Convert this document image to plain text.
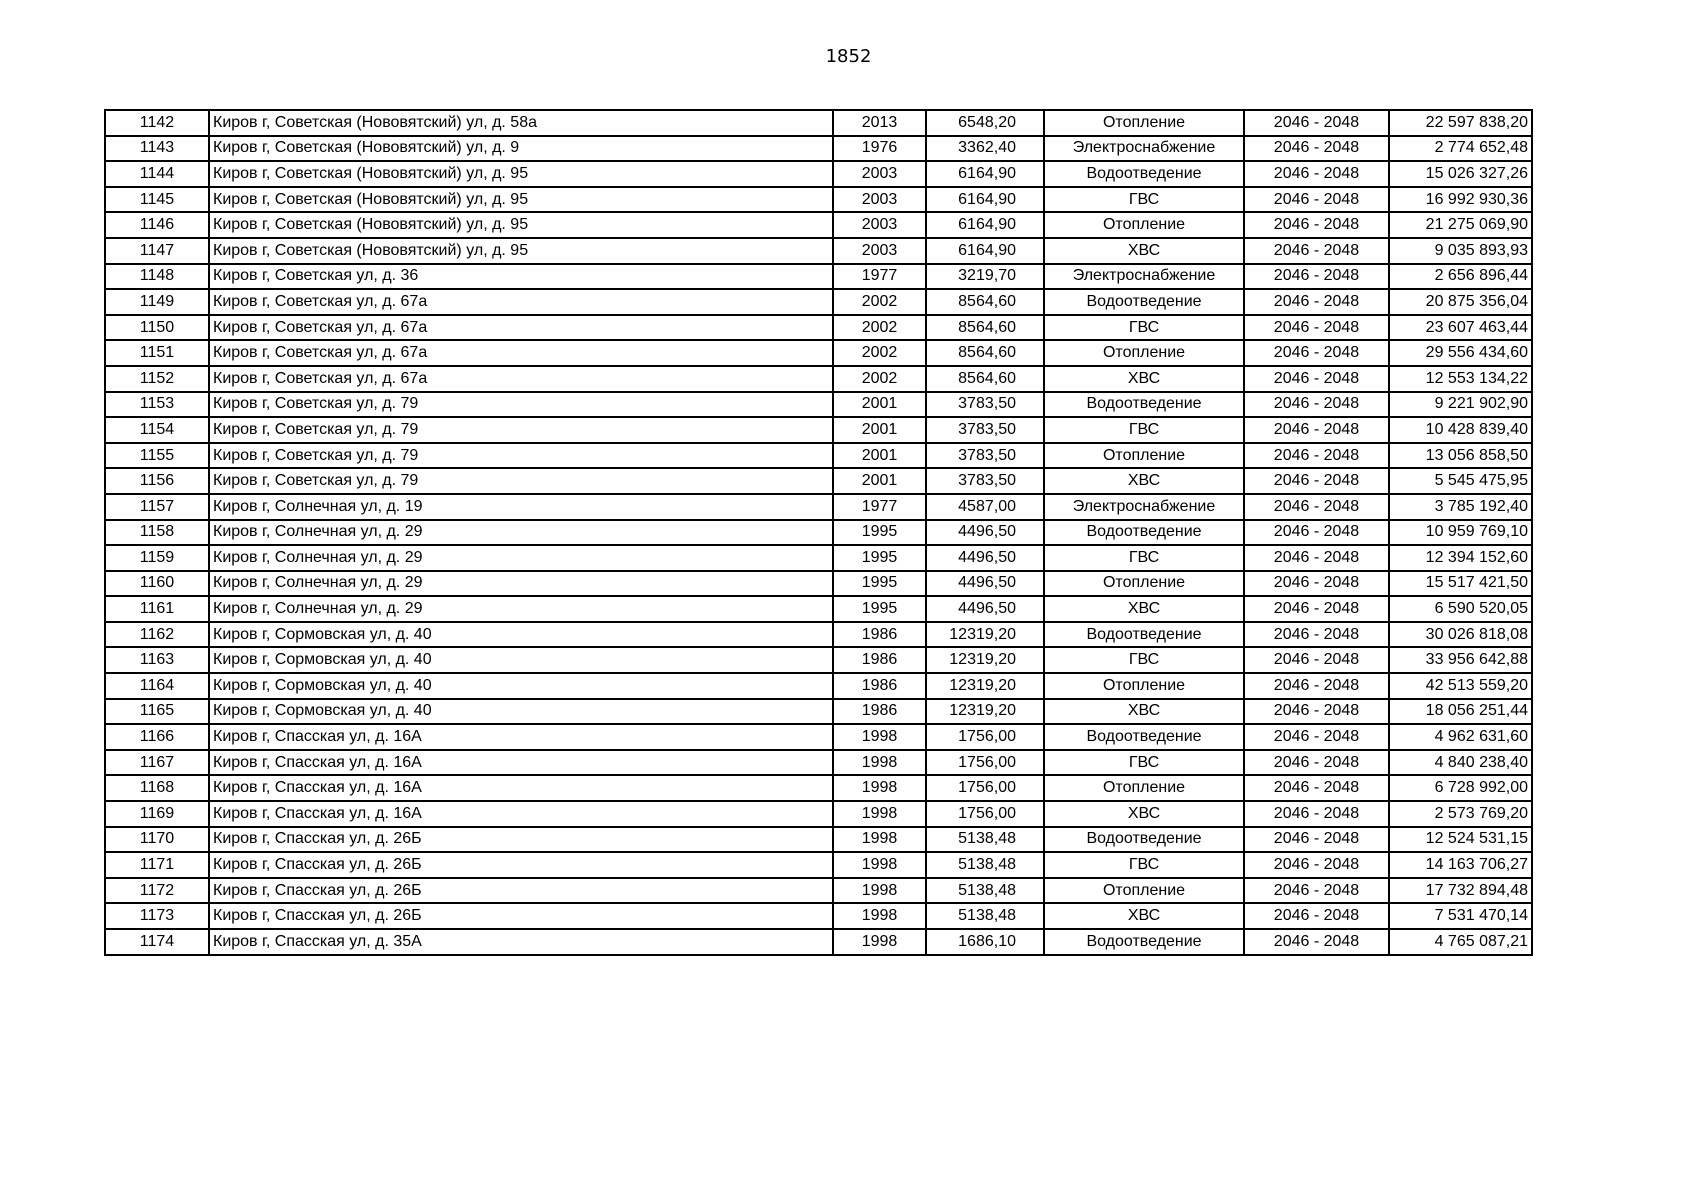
1852
1142	Киров г, Советская (Нововятский) ул, д. 58а	2013	6548,20	Отопление	2046 - 2048	22 597 838,20
1143	Киров г, Советская (Нововятский) ул, д. 9	1976	3362,40	Электроснабжение	2046 - 2048	2 774 652,48
1144	Киров г, Советская (Нововятский) ул, д. 95	2003	6164,90	Водоотведение	2046 - 2048	15 026 327,26
1145	Киров г, Советская (Нововятский) ул, д. 95	2003	6164,90	ГВС	2046 - 2048	16 992 930,36
1146	Киров г, Советская (Нововятский) ул, д. 95	2003	6164,90	Отопление	2046 - 2048	21 275 069,90
1147	Киров г, Советская (Нововятский) ул, д. 95	2003	6164,90	ХВС	2046 - 2048	9 035 893,93
1148	Киров г, Советская ул, д. 36	1977	3219,70	Электроснабжение	2046 - 2048	2 656 896,44
1149	Киров г, Советская ул, д. 67а	2002	8564,60	Водоотведение	2046 - 2048	20 875 356,04
1150	Киров г, Советская ул, д. 67а	2002	8564,60	ГВС	2046 - 2048	23 607 463,44
1151	Киров г, Советская ул, д. 67а	2002	8564,60	Отопление	2046 - 2048	29 556 434,60
1152	Киров г, Советская ул, д. 67а	2002	8564,60	ХВС	2046 - 2048	12 553 134,22
1153	Киров г, Советская ул, д. 79	2001	3783,50	Водоотведение	2046 - 2048	9 221 902,90
1154	Киров г, Советская ул, д. 79	2001	3783,50	ГВС	2046 - 2048	10 428 839,40
1155	Киров г, Советская ул, д. 79	2001	3783,50	Отопление	2046 - 2048	13 056 858,50
1156	Киров г, Советская ул, д. 79	2001	3783,50	ХВС	2046 - 2048	5 545 475,95
1157	Киров г, Солнечная ул, д. 19	1977	4587,00	Электроснабжение	2046 - 2048	3 785 192,40
1158	Киров г, Солнечная ул, д. 29	1995	4496,50	Водоотведение	2046 - 2048	10 959 769,10
1159	Киров г, Солнечная ул, д. 29	1995	4496,50	ГВС	2046 - 2048	12 394 152,60
1160	Киров г, Солнечная ул, д. 29	1995	4496,50	Отопление	2046 - 2048	15 517 421,50
1161	Киров г, Солнечная ул, д. 29	1995	4496,50	ХВС	2046 - 2048	6 590 520,05
1162	Киров г, Сормовская ул, д. 40	1986	12319,20	Водоотведение	2046 - 2048	30 026 818,08
1163	Киров г, Сормовская ул, д. 40	1986	12319,20	ГВС	2046 - 2048	33 956 642,88
1164	Киров г, Сормовская ул, д. 40	1986	12319,20	Отопление	2046 - 2048	42 513 559,20
1165	Киров г, Сормовская ул, д. 40	1986	12319,20	ХВС	2046 - 2048	18 056 251,44
1166	Киров г, Спасская ул, д. 16А	1998	1756,00	Водоотведение	2046 - 2048	4 962 631,60
1167	Киров г, Спасская ул, д. 16А	1998	1756,00	ГВС	2046 - 2048	4 840 238,40
1168	Киров г, Спасская ул, д. 16А	1998	1756,00	Отопление	2046 - 2048	6 728 992,00
1169	Киров г, Спасская ул, д. 16А	1998	1756,00	ХВС	2046 - 2048	2 573 769,20
1170	Киров г, Спасская ул, д. 26Б	1998	5138,48	Водоотведение	2046 - 2048	12 524 531,15
1171	Киров г, Спасская ул, д. 26Б	1998	5138,48	ГВС	2046 - 2048	14 163 706,27
1172	Киров г, Спасская ул, д. 26Б	1998	5138,48	Отопление	2046 - 2048	17 732 894,48
1173	Киров г, Спасская ул, д. 26Б	1998	5138,48	ХВС	2046 - 2048	7 531 470,14
1174	Киров г, Спасская ул, д. 35А	1998	1686,10	Водоотведение	2046 - 2048	4 765 087,21
